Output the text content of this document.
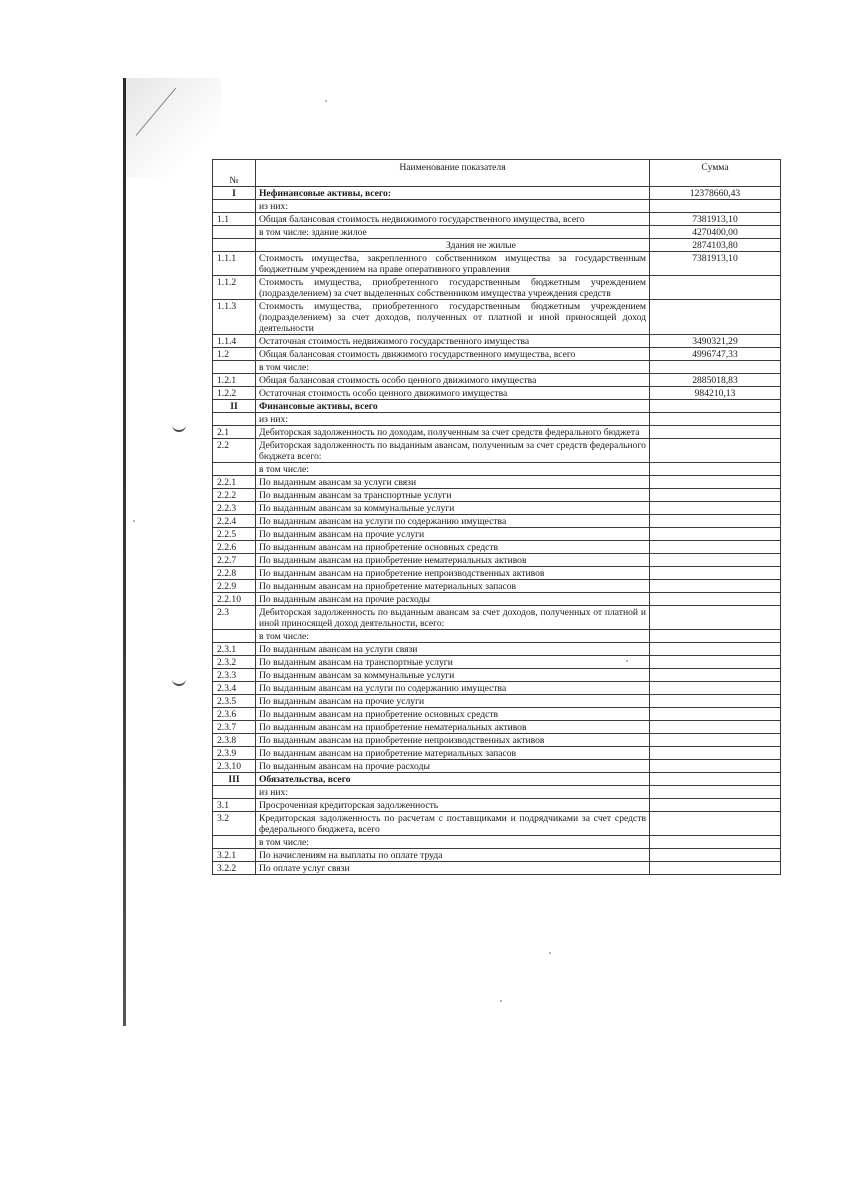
№	Наименование показателя	Сумма
I	Нефинансовые активы, всего:	12378660,43
	из них:	
1.1	Общая балансовая стоимость недвижимого государственного имущества, всего	7381913,10
	в том числе: здание жилое	4270400,00
	Здания не жилые	2874103,80
1.1.1	Стоимость имущества, закрепленного собственником имущества за государственным бюджетным учреждением на праве оперативного управления	7381913,10
1.1.2	Стоимость имущества, приобретенного государственным бюджетным учреждением (подразделением) за счет выделенных собственником имущества учреждения средств	
1.1.3	Стоимость имущества, приобретенного государственным бюджетным учреждением (подразделением) за счет доходов, полученных от платной и иной приносящей доход деятельности	
1.1.4	Остаточная стоимость недвижимого государственного имущества	3490321,29
1.2	Общая балансовая стоимость движимого государственного имущества, всего	4996747,33
	в том числе:	
1.2.1	Общая балансовая стоимость особо ценного движимого имущества	2885018,83
1.2.2	Остаточная стоимость особо ценного движимого имущества	984210,13
II	Финансовые активы, всего	
	из них:	
2.1	Дебиторская задолженность по доходам, полученным за счет средств федерального бюджета	
2.2	Дебиторская задолженность по выданным авансам, полученным за счет средств федерального бюджета всего:	
	в том числе:	
2.2.1	По выданным авансам за услуги связи	
2.2.2	По выданным авансам за транспортные услуги	
2.2.3	По выданным авансам за коммунальные услуги	
2.2.4	По выданным авансам на услуги по содержанию имущества	
2.2.5	По выданным авансам на прочие услуги	
2.2.6	По выданным авансам на приобретение основных средств	
2.2.7	По выданным авансам на приобретение нематериальных активов	
2.2.8	По выданным авансам на приобретение непроизводственных активов	
2.2.9	По выданным авансам на приобретение материальных запасов	
2.2.10	По выданным авансам на прочие расходы	
2.3	Дебиторская задолженность по выданным авансам за счет доходов, полученных от платной и иной приносящей доход деятельности, всего:	
	в том числе:	
2.3.1	По выданным авансам на услуги связи	
2.3.2	По выданным авансам на транспортные услуги	
2.3.3	По выданным авансам за коммунальные услуги	
2.3.4	По выданным авансам на услуги по содержанию имущества	
2.3.5	По выданным авансам на прочие услуги	
2.3.6	По выданным авансам на приобретение основных средств	
2.3.7	По выданным авансам на приобретение нематериальных активов	
2.3.8	По выданным авансам на приобретение непроизводственных активов	
2.3.9	По выданным авансам на приобретение материальных запасов	
2.3.10	По выданным авансам на прочие расходы	
III	Обязательства, всего	
	из них:	
3.1	Просроченная кредиторская задолженность	
3.2	Кредиторская задолженность по расчетам с поставщиками и подрядчиками за счет средств федерального бюджета, всего	
	в том числе:	
3.2.1	По начислениям на выплаты по оплате труда	
3.2.2	По оплате услуг связи	
